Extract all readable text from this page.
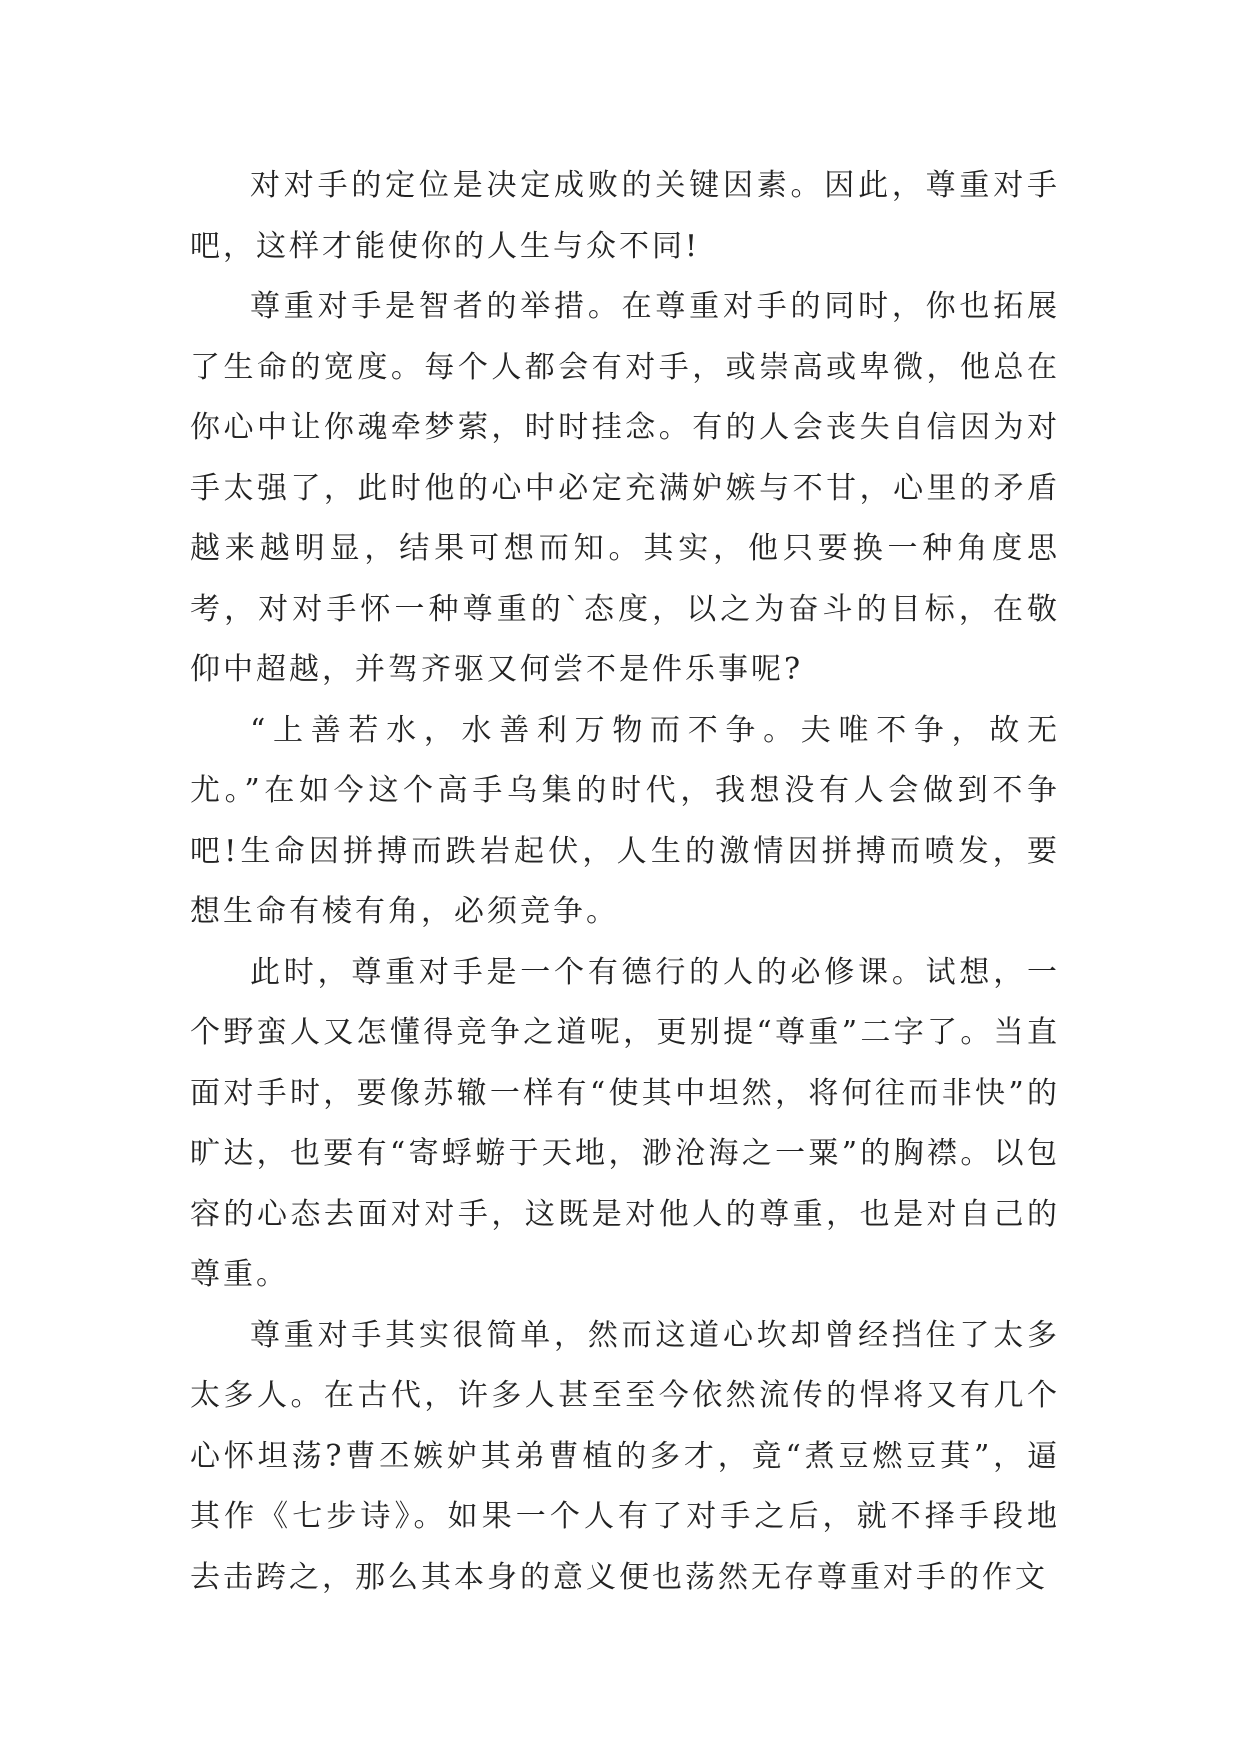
对对手的定位是决定成败的关键因素。因此，尊重对手吧，这样才能使你的人生与众不同!

尊重对手是智者的举措。在尊重对手的同时，你也拓展了生命的宽度。每个人都会有对手，或崇高或卑微，他总在你心中让你魂牵梦萦，时时挂念。有的人会丧失自信因为对手太强了，此时他的心中必定充满妒嫉与不甘，心里的矛盾越来越明显，结果可想而知。其实，他只要换一种角度思考，对对手怀一种尊重的`态度，以之为奋斗的目标，在敬仰中超越，并驾齐驱又何尝不是件乐事呢?

“上善若水，水善利万物而不争。夫唯不争，故无尤。”在如今这个高手乌集的时代，我想没有人会做到不争吧!生命因拼搏而跌岩起伏，人生的激情因拼搏而喷发，要想生命有棱有角，必须竞争。

此时，尊重对手是一个有德行的人的必修课。试想，一个野蛮人又怎懂得竞争之道呢，更别提“尊重”二字了。当直面对手时，要像苏辙一样有“使其中坦然，将何往而非快”的旷达，也要有“寄蜉蝣于天地，渺沧海之一粟”的胸襟。以包容的心态去面对对手，这既是对他人的尊重，也是对自己的尊重。

尊重对手其实很简单，然而这道心坎却曾经挡住了太多太多人。在古代，许多人甚至至今依然流传的悍将又有几个心怀坦荡?曹丕嫉妒其弟曹植的多才，竟“煮豆燃豆萁”，逼其作《七步诗》。如果一个人有了对手之后，就不择手段地去击跨之，那么其本身的意义便也荡然无存尊重对手的作文
